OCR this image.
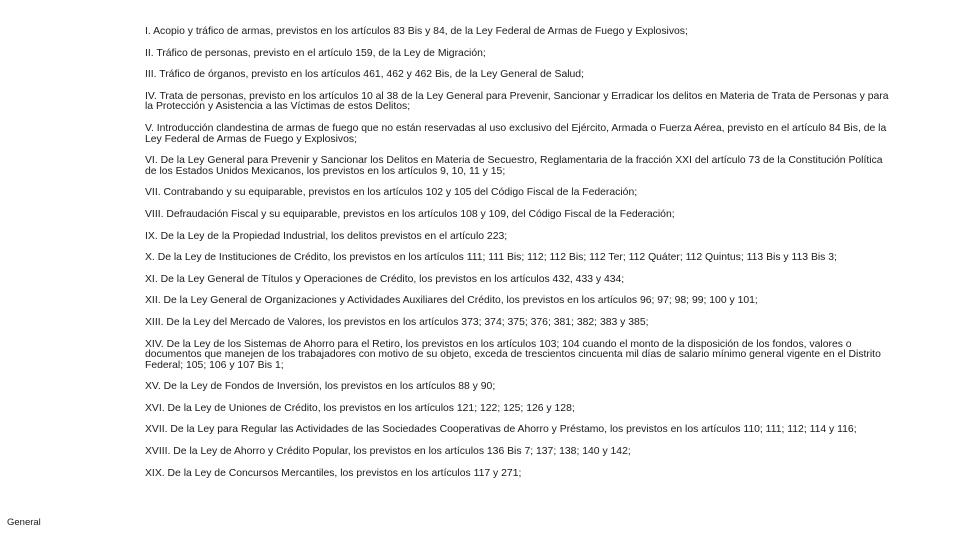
I. Acopio y tráfico de armas, previstos en los artículos 83 Bis y 84, de la Ley Federal de Armas de Fuego y Explosivos;
II. Tráfico de personas, previsto en el artículo 159, de la Ley de Migración;
III. Tráfico de órganos, previsto en los artículos 461, 462 y 462 Bis, de la Ley General de Salud;
IV. Trata de personas, previsto en los artículos 10 al 38 de la Ley General para Prevenir, Sancionar y Erradicar los delitos en Materia de Trata de Personas y para la Protección y Asistencia a las Víctimas de estos Delitos;
V. Introducción clandestina de armas de fuego que no están reservadas al uso exclusivo del Ejército, Armada o Fuerza Aérea, previsto en el artículo 84 Bis, de la Ley Federal de Armas de Fuego y Explosivos;
VI. De la Ley General para Prevenir y Sancionar los Delitos en Materia de Secuestro, Reglamentaria de la fracción XXI del artículo 73 de la Constitución Política de los Estados Unidos Mexicanos, los previstos en los artículos 9, 10, 11 y 15;
VII. Contrabando y su equiparable, previstos en los artículos 102 y 105 del Código Fiscal de la Federación;
VIII. Defraudación Fiscal y su equiparable, previstos en los artículos 108 y 109, del Código Fiscal de la Federación;
IX. De la Ley de la Propiedad Industrial, los delitos previstos en el artículo 223;
X. De la Ley de Instituciones de Crédito, los previstos en los artículos 111; 111 Bis; 112; 112 Bis; 112 Ter; 112 Quáter; 112 Quintus; 113 Bis y 113 Bis 3;
XI. De la Ley General de Títulos y Operaciones de Crédito, los previstos en los artículos 432, 433 y 434;
XII. De la Ley General de Organizaciones y Actividades Auxiliares del Crédito, los previstos en los artículos 96; 97; 98; 99; 100 y 101;
XIII. De la Ley del Mercado de Valores, los previstos en los artículos 373; 374; 375; 376; 381; 382; 383 y 385;
XIV. De la Ley de los Sistemas de Ahorro para el Retiro, los previstos en los artículos 103; 104 cuando el monto de la disposición de los fondos, valores o documentos que manejen de los trabajadores con motivo de su objeto, exceda de trescientos cincuenta mil días de salario mínimo general vigente en el Distrito Federal; 105; 106 y 107 Bis 1;
XV. De la Ley de Fondos de Inversión, los previstos en los artículos 88 y 90;
XVI. De la Ley de Uniones de Crédito, los previstos en los artículos 121; 122; 125; 126 y 128;
XVII. De la Ley para Regular las Actividades de las Sociedades Cooperativas de Ahorro y Préstamo, los previstos en los artículos 110; 111; 112; 114 y 116;
XVIII. De la Ley de Ahorro y Crédito Popular, los previstos en los artículos 136 Bis 7; 137; 138; 140 y 142;
XIX. De la Ley de Concursos Mercantiles, los previstos en los artículos 117 y 271;
General
